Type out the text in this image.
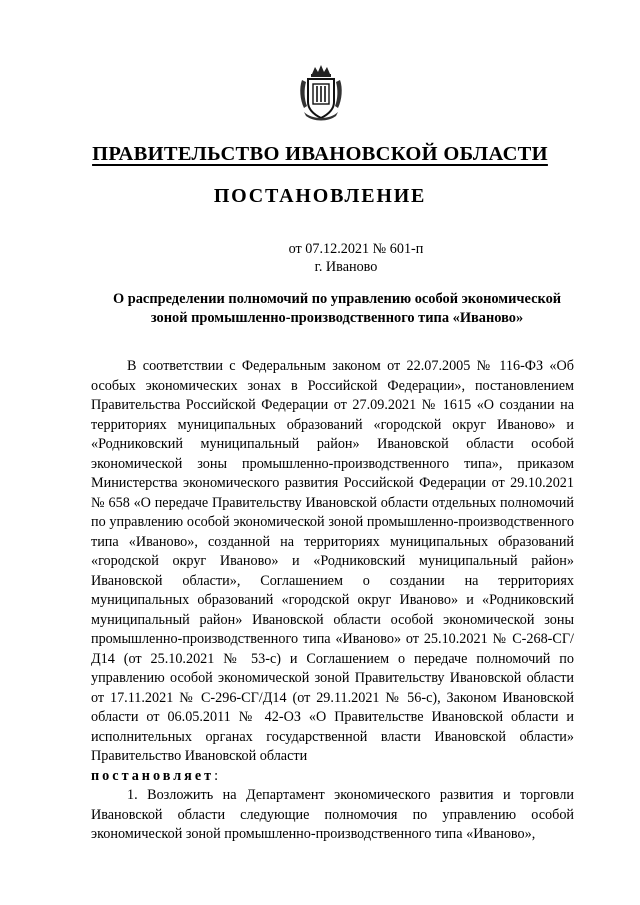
ПРАВИТЕЛЬСТВО ИВАНОВСКОЙ ОБЛАСТИ
ПОСТАНОВЛЕНИЕ
от 07.12.2021 № 601-п
г. Иваново
О распределении полномочий по управлению особой экономической
зоной промышленно-производственного типа «Иваново»

В соответствии с Федеральным законом от 22.07.2005 № 116-ФЗ «Об особых экономических зонах в Российской Федерации», постановлением Правительства Российской Федерации от 27.09.2021 № 1615 «О создании на территориях муниципальных образований «городской округ Иваново» и «Родниковский муниципальный район» Ивановской области особой экономической зоны промышленно-производственного типа», приказом Министерства экономического развития Российской Федерации от 29.10.2021 № 658 «О передаче Правительству Ивановской области отдельных полномочий по управлению особой экономической зоной промышленно-производственного типа «Иваново», созданной на территориях муниципальных образований «городской округ Иваново» и «Родниковский муниципальный район» Ивановской области», Соглашением о создании на территориях муниципальных образований «городской округ Иваново» и «Родниковский муниципальный район» Ивановской области особой экономической зоны промышленно-производственного типа «Иваново» от 25.10.2021 № С-268-СГ/Д14 (от 25.10.2021 № 53-с) и Соглашением о передаче полномочий по управлению особой экономической зоной Правительству Ивановской области от 17.11.2021 № С-296-СГ/Д14 (от 29.11.2021 № 56-с), Законом Ивановской области от 06.05.2011 № 42-ОЗ «О Правительстве Ивановской области и исполнительных органах государственной власти Ивановской области» Правительство Ивановской области

постановляет:

1. Возложить на Департамент экономического развития и торговли Ивановской области следующие полномочия по управлению особой экономической зоной промышленно-производственного типа «Иваново»,
